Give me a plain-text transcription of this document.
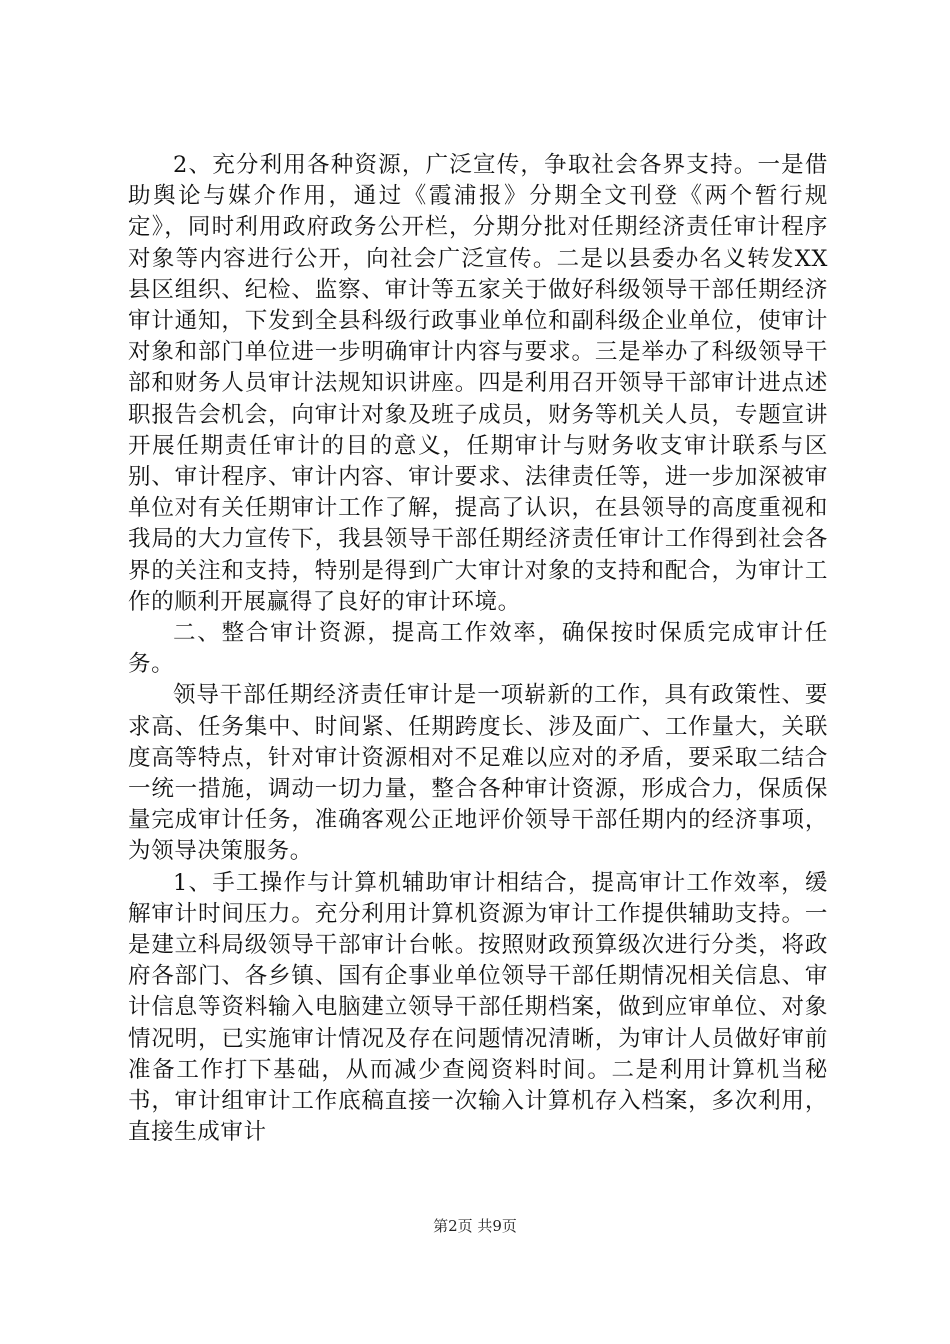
2、充分利用各种资源，广泛宣传，争取社会各界支持。一是借助舆论与媒介作用，通过《霞浦报》分期全文刊登《两个暂行规定》，同时利用政府政务公开栏，分期分批对任期经济责任审计程序对象等内容进行公开，向社会广泛宣传。二是以县委办名义转发XX县区组织、纪检、监察、审计等五家关于做好科级领导干部任期经济审计通知，下发到全县科级行政事业单位和副科级企业单位，使审计对象和部门单位进一步明确审计内容与要求。三是举办了科级领导干部和财务人员审计法规知识讲座。四是利用召开领导干部审计进点述职报告会机会，向审计对象及班子成员，财务等机关人员，专题宣讲开展任期责任审计的目的意义，任期审计与财务收支审计联系与区别、审计程序、审计内容、审计要求、法律责任等，进一步加深被审单位对有关任期审计工作了解，提高了认识，在县领导的高度重视和我局的大力宣传下，我县领导干部任期经济责任审计工作得到社会各界的关注和支持，特别是得到广大审计对象的支持和配合，为审计工作的顺利开展赢得了良好的审计环境。

二、整合审计资源，提高工作效率，确保按时保质完成审计任务。

领导干部任期经济责任审计是一项崭新的工作，具有政策性、要求高、任务集中、时间紧、任期跨度长、涉及面广、工作量大，关联度高等特点，针对审计资源相对不足难以应对的矛盾，要采取二结合一统一措施，调动一切力量，整合各种审计资源，形成合力，保质保量完成审计任务，准确客观公正地评价领导干部任期内的经济事项，为领导决策服务。

1、手工操作与计算机辅助审计相结合，提高审计工作效率，缓解审计时间压力。充分利用计算机资源为审计工作提供辅助支持。一是建立科局级领导干部审计台帐。按照财政预算级次进行分类，将政府各部门、各乡镇、国有企事业单位领导干部任期情况相关信息、审计信息等资料输入电脑建立领导干部任期档案，做到应审单位、对象情况明，已实施审计情况及存在问题情况清晰，为审计人员做好审前准备工作打下基础，从而减少查阅资料时间。二是利用计算机当秘书，审计组审计工作底稿直接一次输入计算机存入档案，多次利用，直接生成审计

第2页 共9页
